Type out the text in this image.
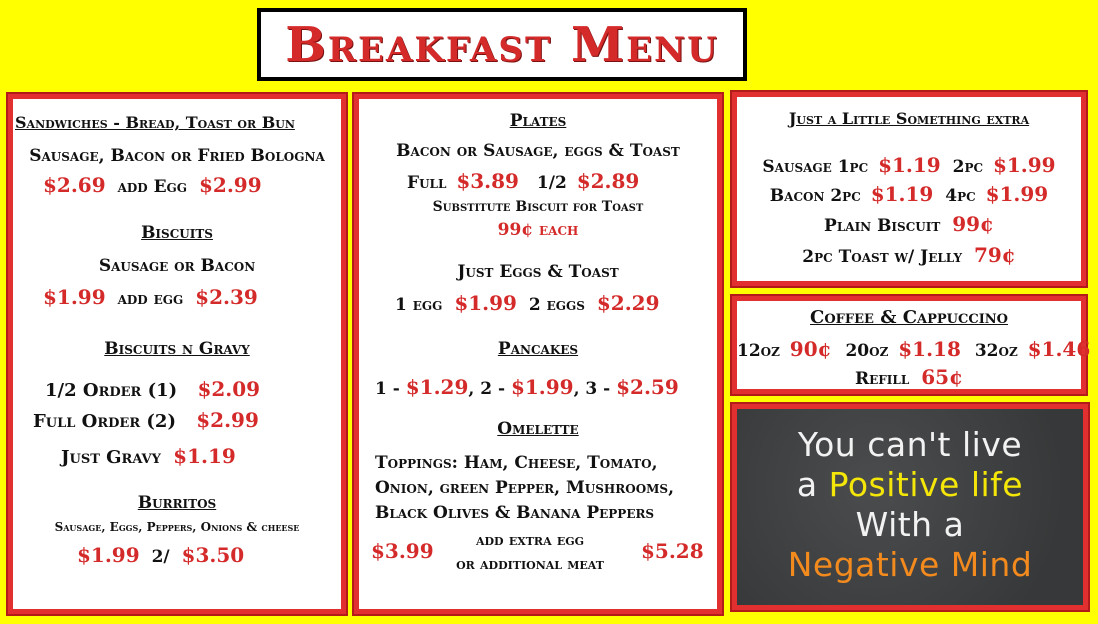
Breakfast Menu
Sandwiches - Bread, Toast or Bun
Sausage, Bacon or Fried Bologna
$2.69 add Egg $2.99
Biscuits
Sausage or Bacon
$1.99 add egg $2.39
Biscuits n Gravy
1/2 Order (1) $2.09
Full Order (2) $2.99
Just Gravy $1.19
Burritos
Sausage, Eggs, Peppers, Onions & cheese
$1.99 2/ $3.50
Plates
Bacon or Sausage, eggs & Toast
Full $3.89 1/2 $2.89
Substitute Biscuit for Toast
99¢ each
Just Eggs & Toast
1 egg $1.99 2 eggs $2.29
Pancakes
1 - $1.29, 2 - $1.99, 3 - $2.59
Omelette
Toppings: Ham, Cheese, Tomato,
Onion, green Pepper, Mushrooms,
Black Olives & Banana Peppers
$3.99	add extra egg
or additional meat
$5.28
Just a Little Something extra
Sausage 1pc $1.19 2pc $1.99
Bacon 2pc $1.19 4pc $1.99
Plain Biscuit 99¢
2pc Toast w/ Jelly 79¢
Coffee & Cappuccino
12oz 90¢ 20oz $1.18 32oz $1.46
Refill 65¢
You can't live
a Positive life
With a
Negative Mind
